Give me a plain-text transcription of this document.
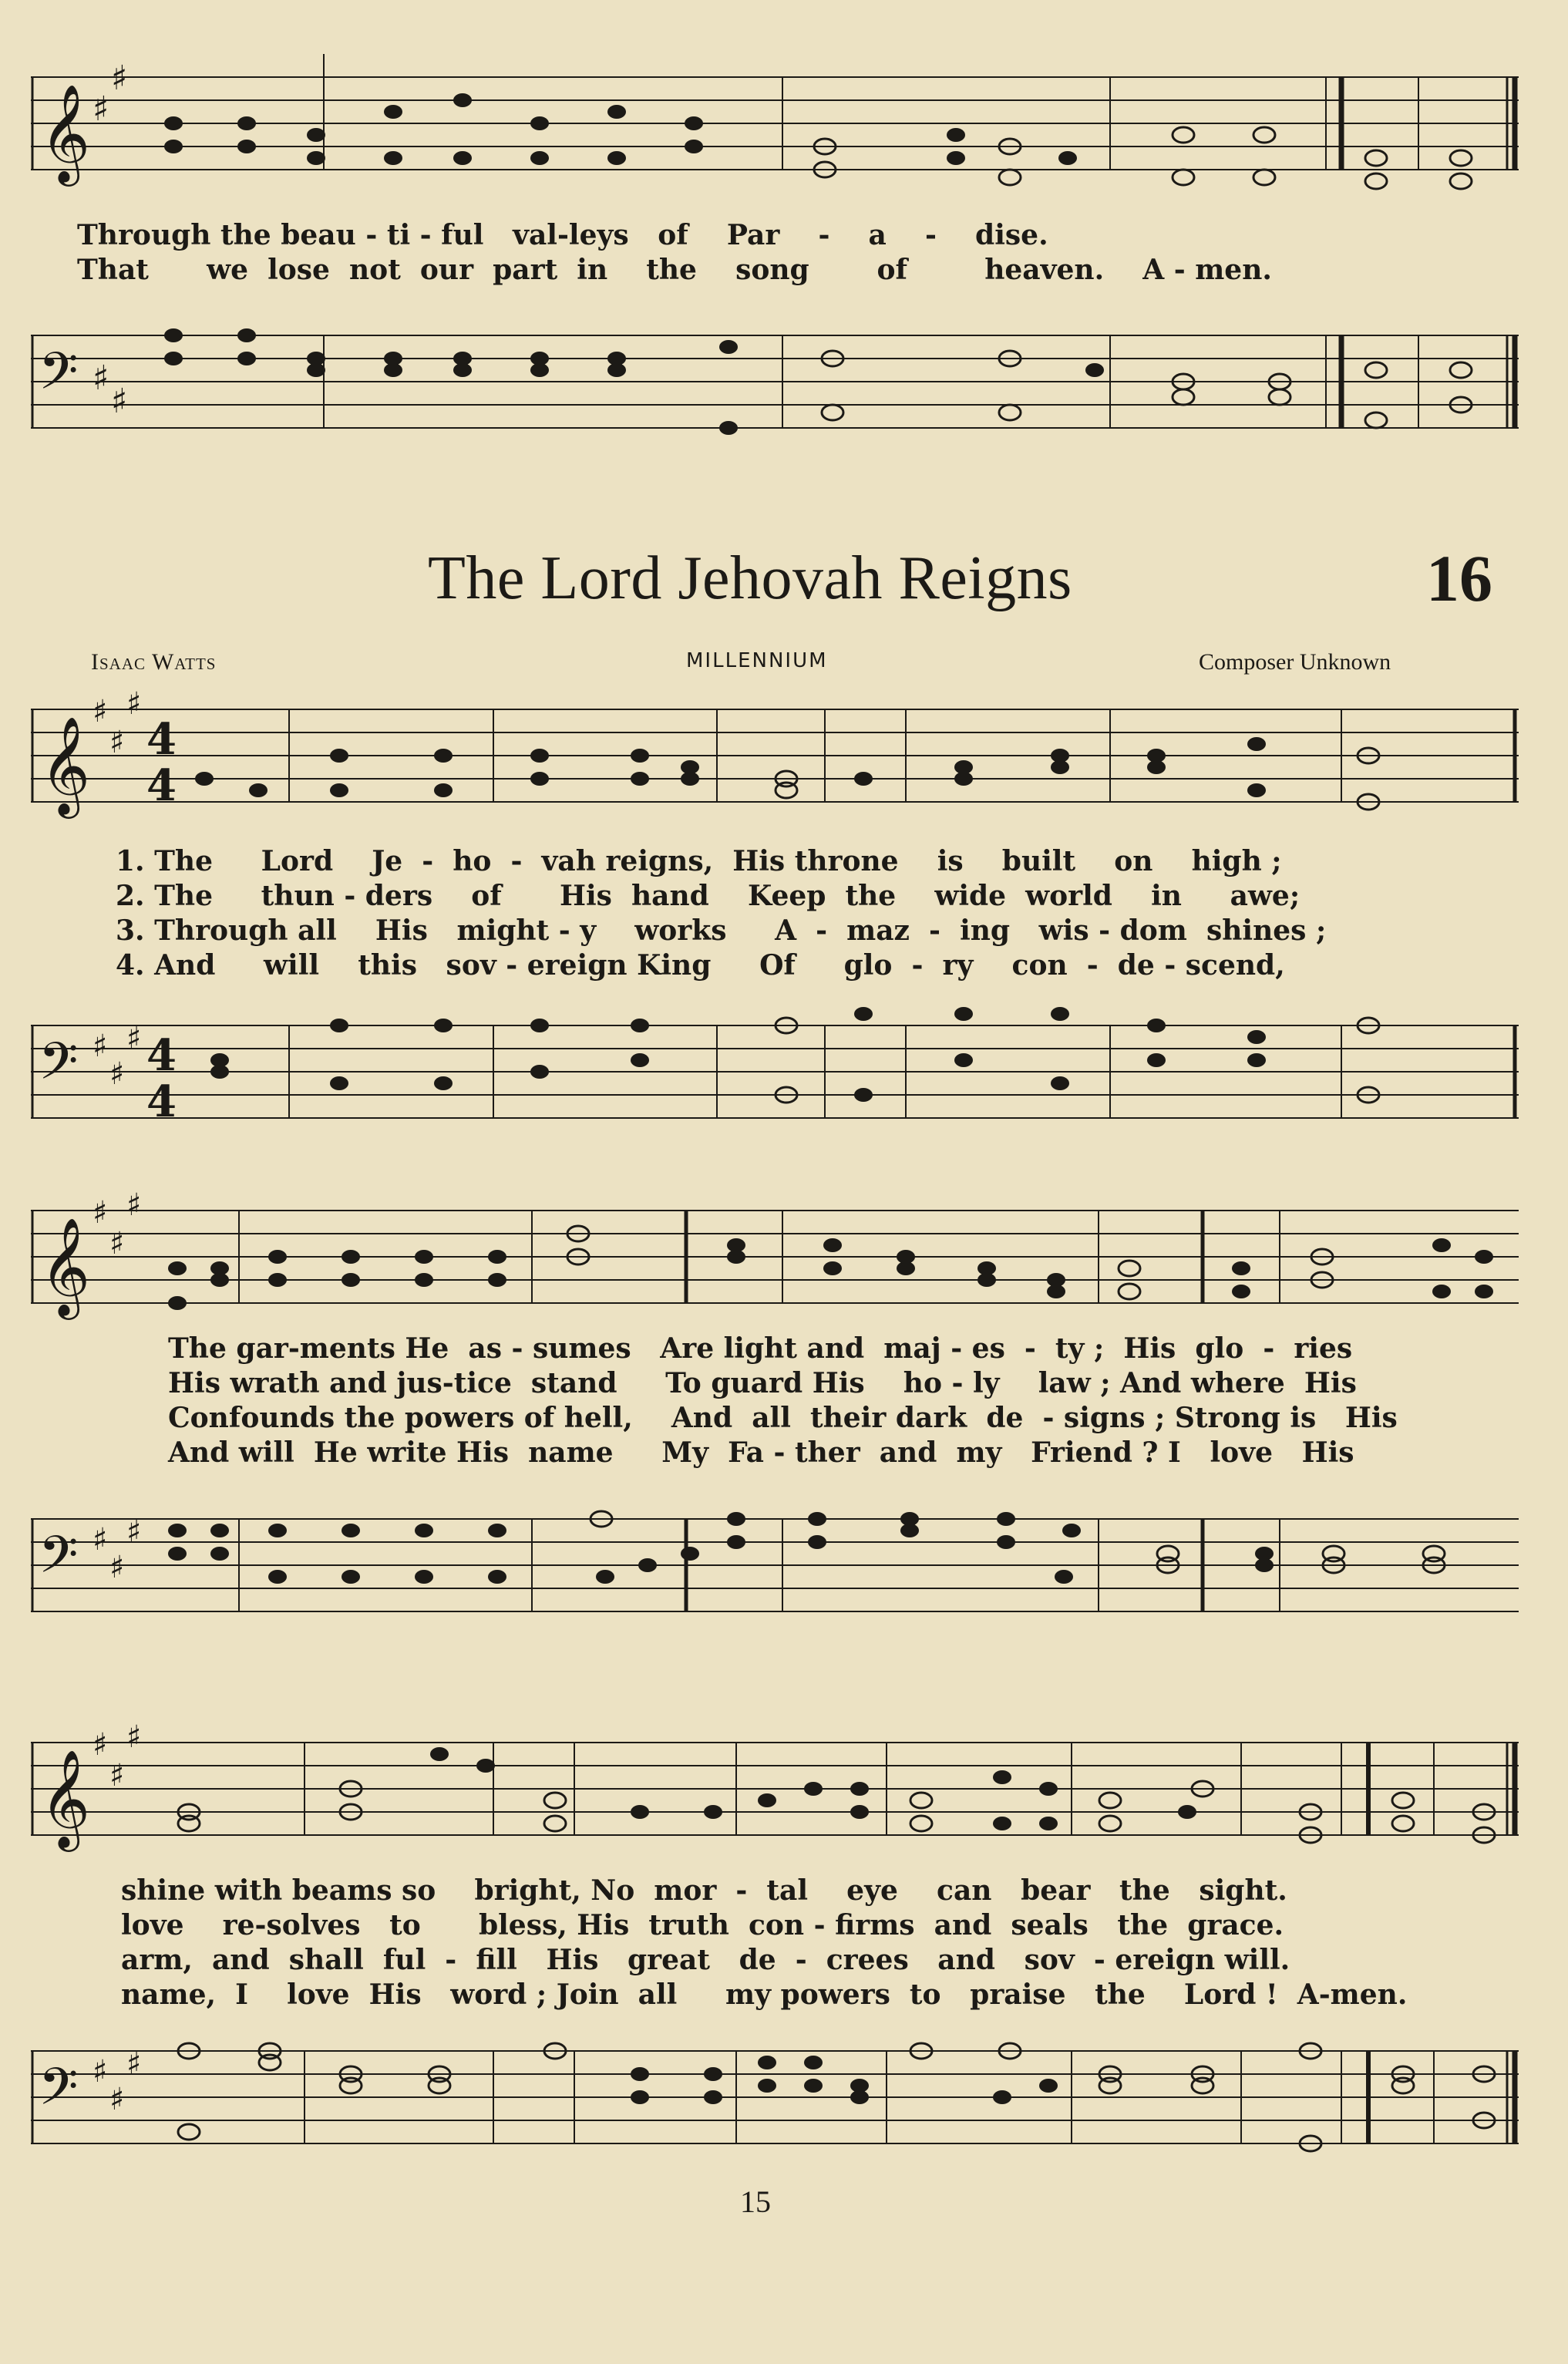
𝄞 ♯
♯
Through the beau - ti - ful   val-leys   of    Par    -    a    -    dise.
That      we  lose  not  our  part  in    the    song       of        heaven.    A - men.
𝄢 ♯
♯
The Lord Jehovah Reigns	16
Isaac Watts	MILLENNIUM	Composer Unknown
𝄞
♯
♯
♯
4
4
1. The     Lord    Je  -  ho  -  vah reigns,  His throne    is    built    on    high ;
2. The     thun - ders    of      His  hand    Keep  the    wide  world    in     awe;
3. Through all    His   might - y    works     A  -  maz  -  ing   wis - dom  shines ;
4. And     will    this   sov - ereign King     Of     glo  -  ry    con  -  de - scend,
𝄢 ♯
♯
♯ 4
4
𝄞
♯
♯
♯
The gar-ments He  as - sumes   Are light and  maj - es  -  ty ;  His  glo  -  ries
His wrath and jus-tice  stand     To guard His    ho - ly    law ; And where  His
Confounds the powers of hell,    And  all  their dark  de  - signs ; Strong is   His
And will  He write His  name     My  Fa - ther  and  my   Friend ? I   love   His
𝄢 ♯
♯
♯
𝄞
♯
♯
♯
shine with beams so    bright, No  mor  -  tal    eye    can   bear   the   sight.
love    re-solves   to      bless, His  truth  con - firms  and  seals   the  grace.
arm,  and  shall  ful  -  fill   His   great   de  -  crees   and   sov  - ereign will.
name,  I    love  His   word ; Join  all     my powers  to   praise   the    Lord !  A-men.
𝄢 ♯
♯
♯
15
